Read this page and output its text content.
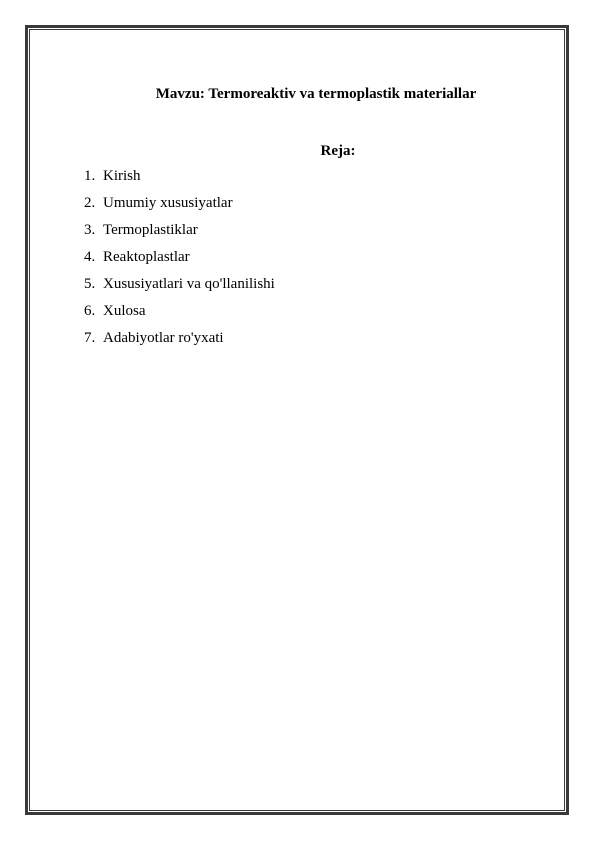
Mavzu: Termoreaktiv va termoplastik materiallar
Reja:
1. Kirish
2. Umumiy xususiyatlar
3. Termoplastiklar
4. Reaktoplastlar
5. Xususiyatlari va qo'llanilishi
6. Xulosa
7. Adabiyotlar ro'yxati
